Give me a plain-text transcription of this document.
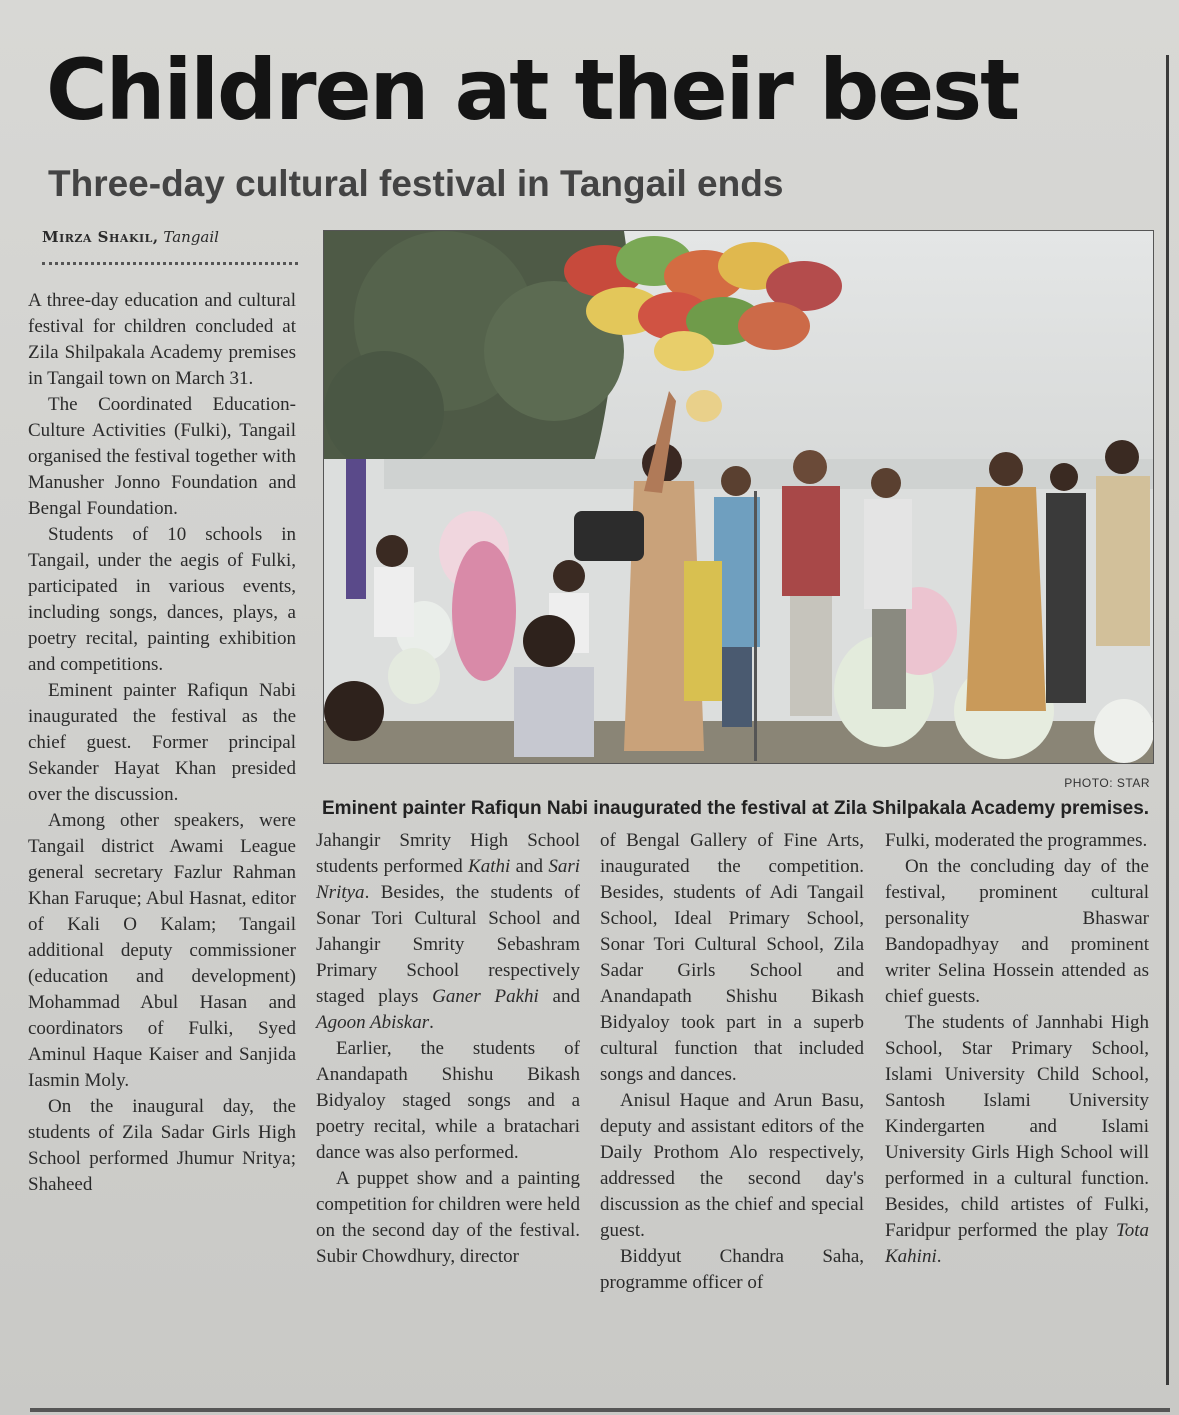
Children at their best
Three-day cultural festival in Tangail ends
Mirza Shakil, Tangail
PHOTO: STAR
Eminent painter Rafiqun Nabi inaugurated the festival at Zila Shilpakala Academy premises.

A three-day education and cultural festival for children concluded at Zila Shilpakala Academy premises in Tangail town on March 31.

The Coordinated Education-Culture Activities (Fulki), Tangail organised the festival together with Manusher Jonno Foundation and Bengal Foundation.

Students of 10 schools in Tangail, under the aegis of Fulki, participated in various events, including songs, dances, plays, a poetry recital, painting exhibition and competitions.

Eminent painter Rafiqun Nabi inaugurated the festival as the chief guest. Former principal Sekander Hayat Khan presided over the discussion.

Among other speakers, were Tangail district Awami League general secretary Fazlur Rahman Khan Faruque; Abul Hasnat, editor of Kali O Kalam; Tangail additional deputy commissioner (education and development) Mohammad Abul Hasan and coordinators of Fulki, Syed Aminul Haque Kaiser and Sanjida Iasmin Moly.

On the inaugural day, the students of Zila Sadar Girls High School performed Jhumur Nritya; Shaheed

Jahangir Smrity High School students performed Kathi and Sari Nritya. Besides, the students of Sonar Tori Cultural School and Jahangir Smrity Sebashram Primary School respectively staged plays Ganer Pakhi and Agoon Abiskar.

Earlier, the students of Anandapath Shishu Bikash Bidyaloy staged songs and a poetry recital, while a bratachari dance was also performed.

A puppet show and a painting competition for children were held on the second day of the festival. Subir Chowdhury, director

of Bengal Gallery of Fine Arts, inaugurated the competition. Besides, students of Adi Tangail School, Ideal Primary School, Sonar Tori Cultural School, Zila Sadar Girls School and Anandapath Shishu Bikash Bidyaloy took part in a superb cultural function that included songs and dances.

Anisul Haque and Arun Basu, deputy and assistant editors of the Daily Prothom Alo respectively, addressed the second day's discussion as the chief and special guest.

Biddyut Chandra Saha, programme officer of

Fulki, moderated the programmes.

On the concluding day of the festival, prominent cultural personality Bhaswar Bandopadhyay and prominent writer Selina Hossein attended as chief guests.

The students of Jannhabi High School, Star Primary School, Islami University Child School, Santosh Islami University Kindergarten and Islami University Girls High School will performed in a cultural function. Besides, child artistes of Fulki, Faridpur performed the play Tota Kahini.
